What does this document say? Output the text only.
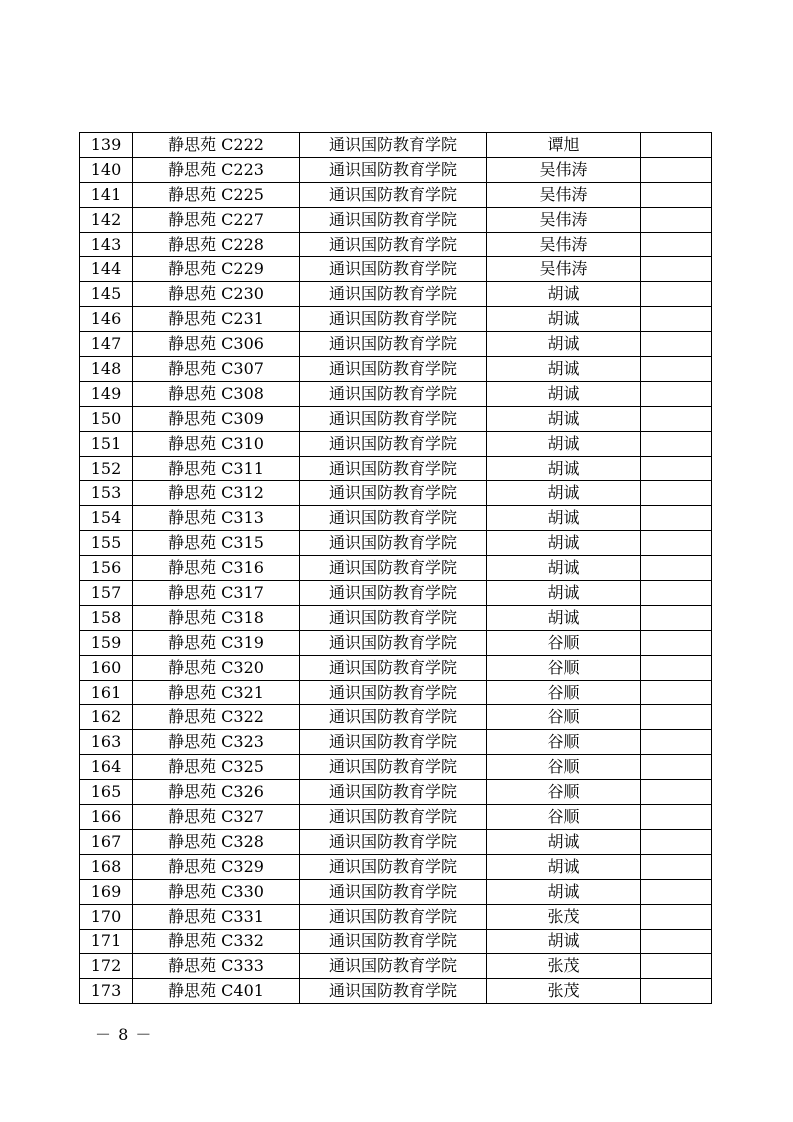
139	静思苑 C222	通识国防教育学院	谭旭	
140	静思苑 C223	通识国防教育学院	吴伟涛	
141	静思苑 C225	通识国防教育学院	吴伟涛	
142	静思苑 C227	通识国防教育学院	吴伟涛	
143	静思苑 C228	通识国防教育学院	吴伟涛	
144	静思苑 C229	通识国防教育学院	吴伟涛	
145	静思苑 C230	通识国防教育学院	胡诚	
146	静思苑 C231	通识国防教育学院	胡诚	
147	静思苑 C306	通识国防教育学院	胡诚	
148	静思苑 C307	通识国防教育学院	胡诚	
149	静思苑 C308	通识国防教育学院	胡诚	
150	静思苑 C309	通识国防教育学院	胡诚	
151	静思苑 C310	通识国防教育学院	胡诚	
152	静思苑 C311	通识国防教育学院	胡诚	
153	静思苑 C312	通识国防教育学院	胡诚	
154	静思苑 C313	通识国防教育学院	胡诚	
155	静思苑 C315	通识国防教育学院	胡诚	
156	静思苑 C316	通识国防教育学院	胡诚	
157	静思苑 C317	通识国防教育学院	胡诚	
158	静思苑 C318	通识国防教育学院	胡诚	
159	静思苑 C319	通识国防教育学院	谷顺	
160	静思苑 C320	通识国防教育学院	谷顺	
161	静思苑 C321	通识国防教育学院	谷顺	
162	静思苑 C322	通识国防教育学院	谷顺	
163	静思苑 C323	通识国防教育学院	谷顺	
164	静思苑 C325	通识国防教育学院	谷顺	
165	静思苑 C326	通识国防教育学院	谷顺	
166	静思苑 C327	通识国防教育学院	谷顺	
167	静思苑 C328	通识国防教育学院	胡诚	
168	静思苑 C329	通识国防教育学院	胡诚	
169	静思苑 C330	通识国防教育学院	胡诚	
170	静思苑 C331	通识国防教育学院	张茂	
171	静思苑 C332	通识国防教育学院	胡诚	
172	静思苑 C333	通识国防教育学院	张茂	
173	静思苑 C401	通识国防教育学院	张茂	
－ 8 －
